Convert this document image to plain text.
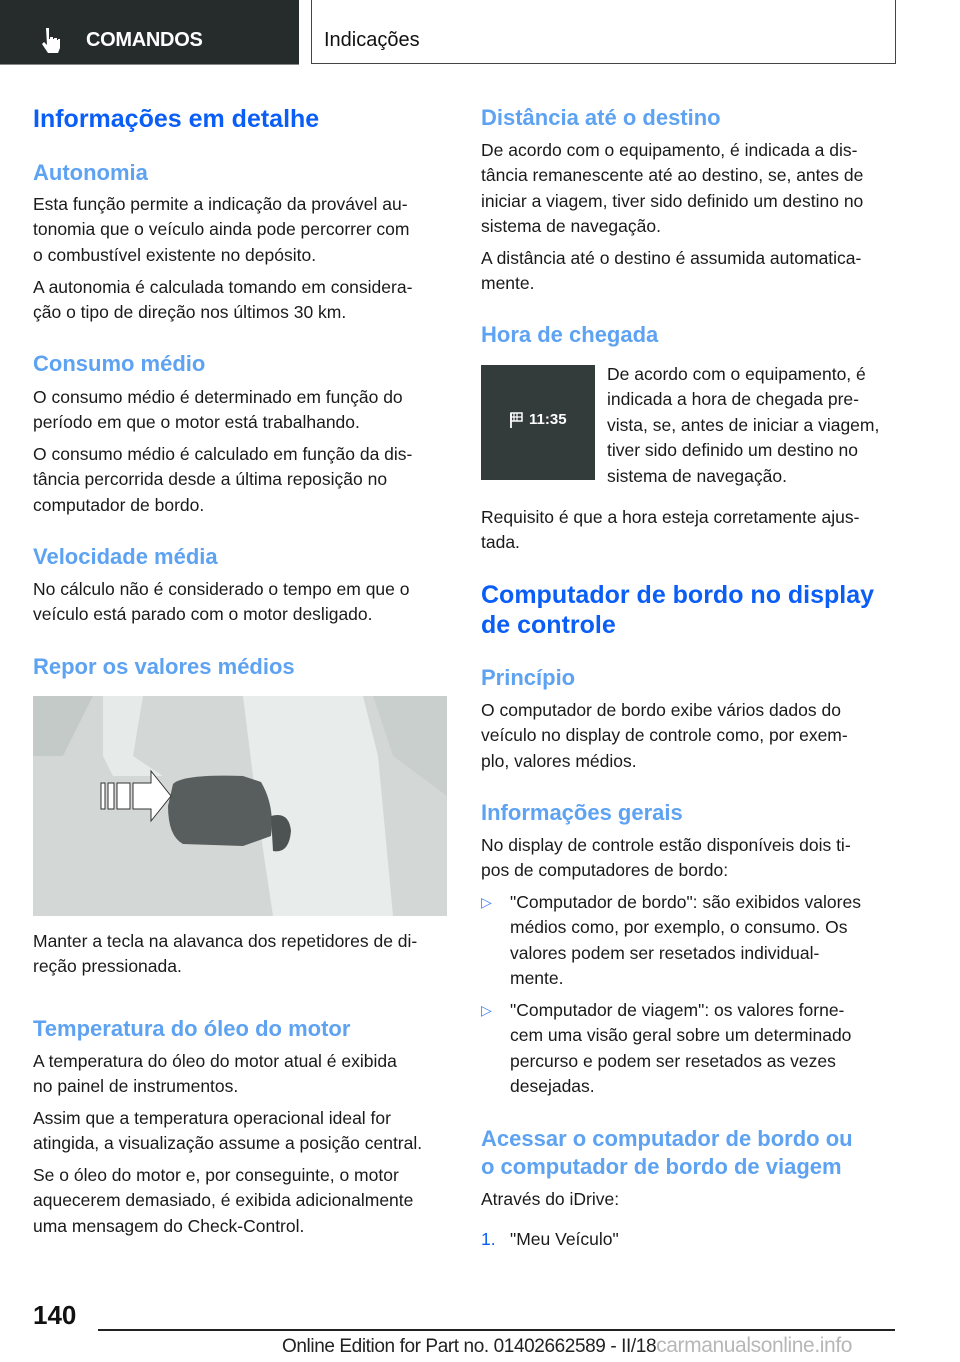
COMANDOS	Indicações
Informações em detalhe
Autonomia
Esta função permite a indicação da provável au-
tonomia que o veículo ainda pode percorrer com
o combustível existente no depósito.
A autonomia é calculada tomando em considera-
ção o tipo de direção nos últimos 30 km.
Consumo médio
O consumo médio é determinado em função do
período em que o motor está trabalhando.
O consumo médio é calculado em função da dis-
tância percorrida desde a última reposição no
computador de bordo.
Velocidade média
No cálculo não é considerado o tempo em que o
veículo está parado com o motor desligado.
Repor os valores médios
Manter a tecla na alavanca dos repetidores de di-
reção pressionada.
Temperatura do óleo do motor
A temperatura do óleo do motor atual é exibida
no painel de instrumentos.
Assim que a temperatura operacional ideal for
atingida, a visualização assume a posição central.
Se o óleo do motor e, por conseguinte, o motor
aquecerem demasiado, é exibida adicionalmente
uma mensagem do Check-Control.
Distância até o destino
De acordo com o equipamento, é indicada a dis-
tância remanescente até ao destino, se, antes de
iniciar a viagem, tiver sido definido um destino no
sistema de navegação.
A distância até o destino é assumida automatica-
mente.
Hora de chegada
11:35
De acordo com o equipamento, é
indicada a hora de chegada pre-
vista, se, antes de iniciar a viagem,
tiver sido definido um destino no
sistema de navegação.
Requisito é que a hora esteja corretamente ajus-
tada.
Computador de bordo no display
de controle
Princípio
O computador de bordo exibe vários dados do
veículo no display de controle como, por exem-
plo, valores médios.
Informações gerais
No display de controle estão disponíveis dois ti-
pos de computadores de bordo:
▷ "Computador de bordo": são exibidos valores
médios como, por exemplo, o consumo. Os
valores podem ser resetados individual-
mente.
▷ "Computador de viagem": os valores forne-
cem uma visão geral sobre um determinado
percurso e podem ser resetados as vezes
desejadas.
Acessar o computador de bordo ou
o computador de bordo de viagem
Através do iDrive:
1. "Meu Veículo"
140
Online Edition for Part no. 01402662589 - II/18carmanualsonline.info
